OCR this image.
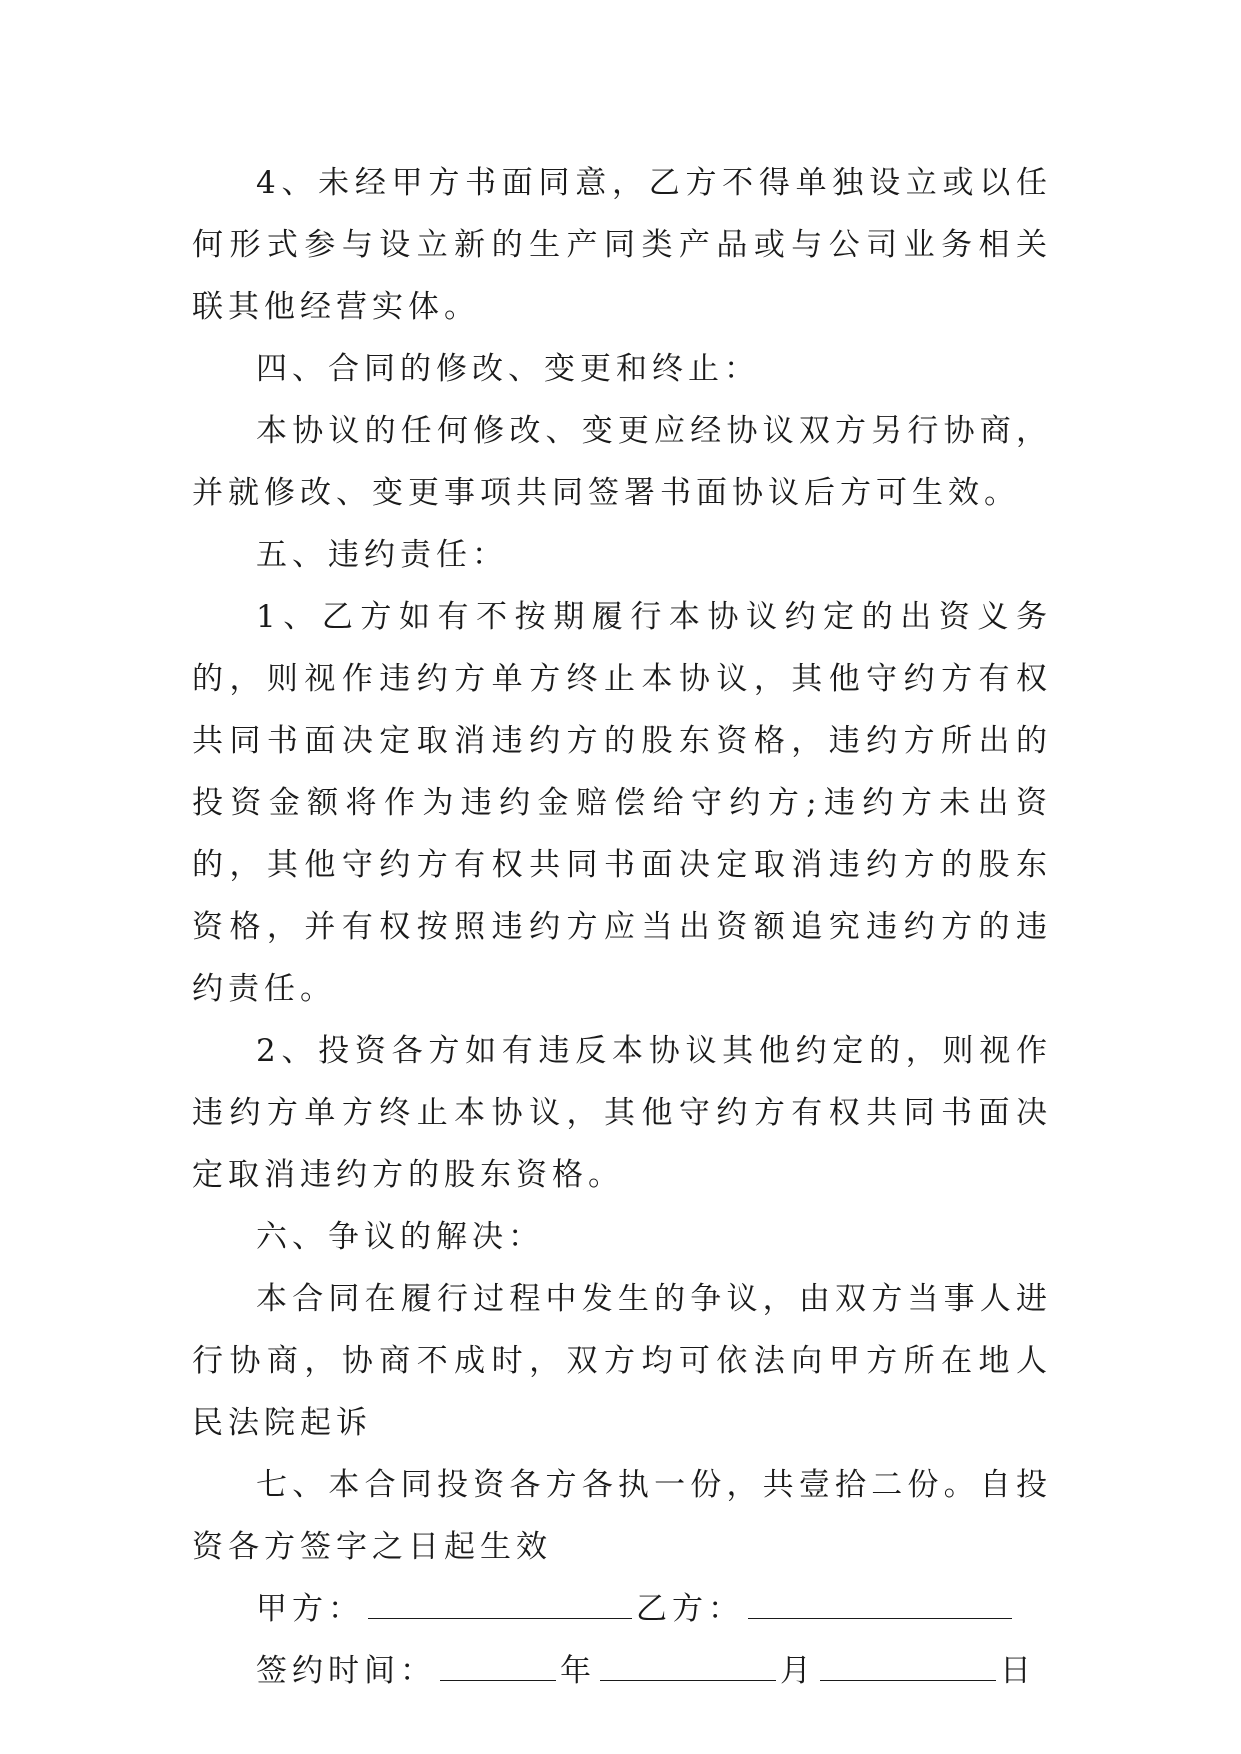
4、未经甲方书面同意，乙方不得单独设立或以任何形式参与设立新的生产同类产品或与公司业务相关联其他经营实体。

四、合同的修改、变更和终止：

本协议的任何修改、变更应经协议双方另行协商，并就修改、变更事项共同签署书面协议后方可生效。

五、违约责任：

1、乙方如有不按期履行本协议约定的出资义务的，则视作违约方单方终止本协议，其他守约方有权共同书面决定取消违约方的股东资格，违约方所出的投资金额将作为违约金赔偿给守约方;违约方未出资的，其他守约方有权共同书面决定取消违约方的股东资格，并有权按照违约方应当出资额追究违约方的违约责任。

2、投资各方如有违反本协议其他约定的，则视作违约方单方终止本协议，其他守约方有权共同书面决定取消违约方的股东资格。

六、争议的解决：

本合同在履行过程中发生的争议，由双方当事人进行协商，协商不成时，双方均可依法向甲方所在地人民法院起诉

七、本合同投资各方各执一份，共壹拾二份。自投资各方签字之日起生效

甲方：	乙方：

签约时间：	年	月	日
